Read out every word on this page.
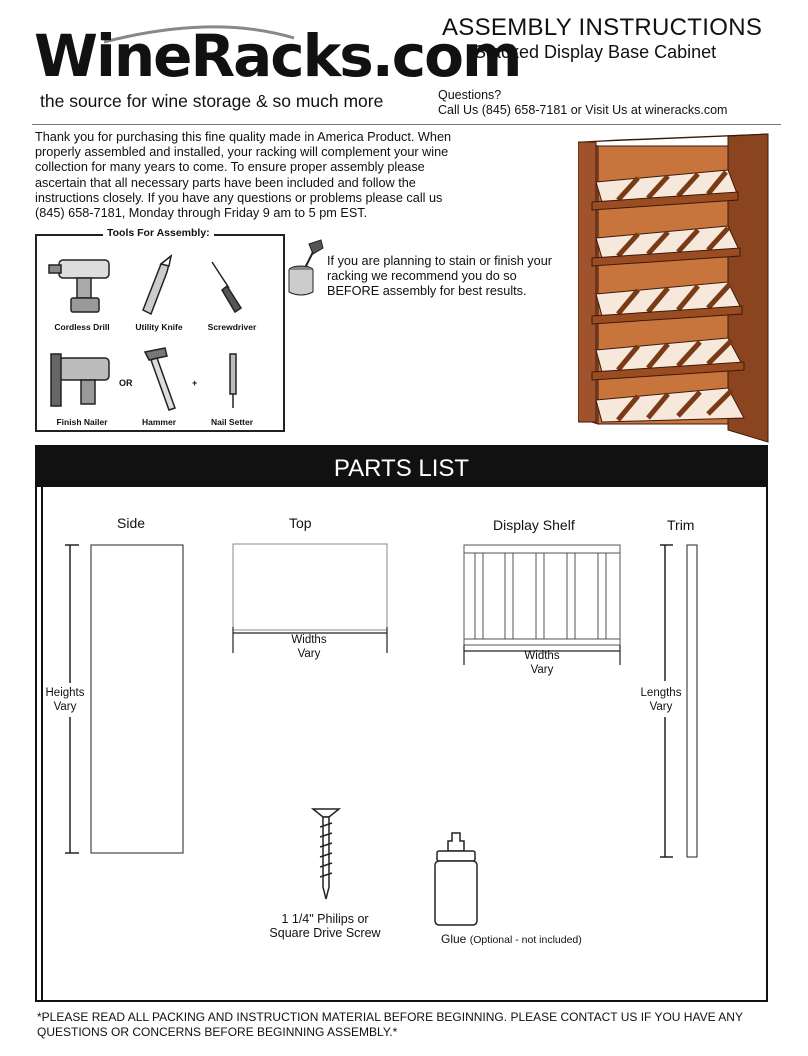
WineRacks.com
the source for wine storage & so much more
ASSEMBLY INSTRUCTIONS
Stacked Display Base Cabinet
Questions?
Call Us (845) 658-7181 or Visit Us at wineracks.com
Thank you for purchasing this fine quality made in America Product. When properly assembled and installed, your racking will complement your wine collection for many years to come. To ensure proper assembly please ascertain that all necessary parts have been included and follow the instructions closely. If you have any questions or problems please call us (845) 658-7181, Monday through Friday 9 am to 5 pm EST.
Tools For Assembly:
Cordless Drill	Utility Knife	Screwdriver
Finish Nailer	Hammer	Nail Setter
OR	+
If you are planning to stain or finish your racking we recommend you do so BEFORE assembly for best results.
PARTS LIST
Side	Top	Display Shelf	Trim
Heights
Vary
Widths
Vary	Widths
Vary
Lengths
Vary
1 1/4" Philips or
Square Drive Screw	Glue (Optional - not included)
*PLEASE READ ALL PACKING AND INSTRUCTION MATERIAL BEFORE BEGINNING. PLEASE CONTACT US IF YOU HAVE ANY QUESTIONS OR CONCERNS BEFORE BEGINNING ASSEMBLY.*
